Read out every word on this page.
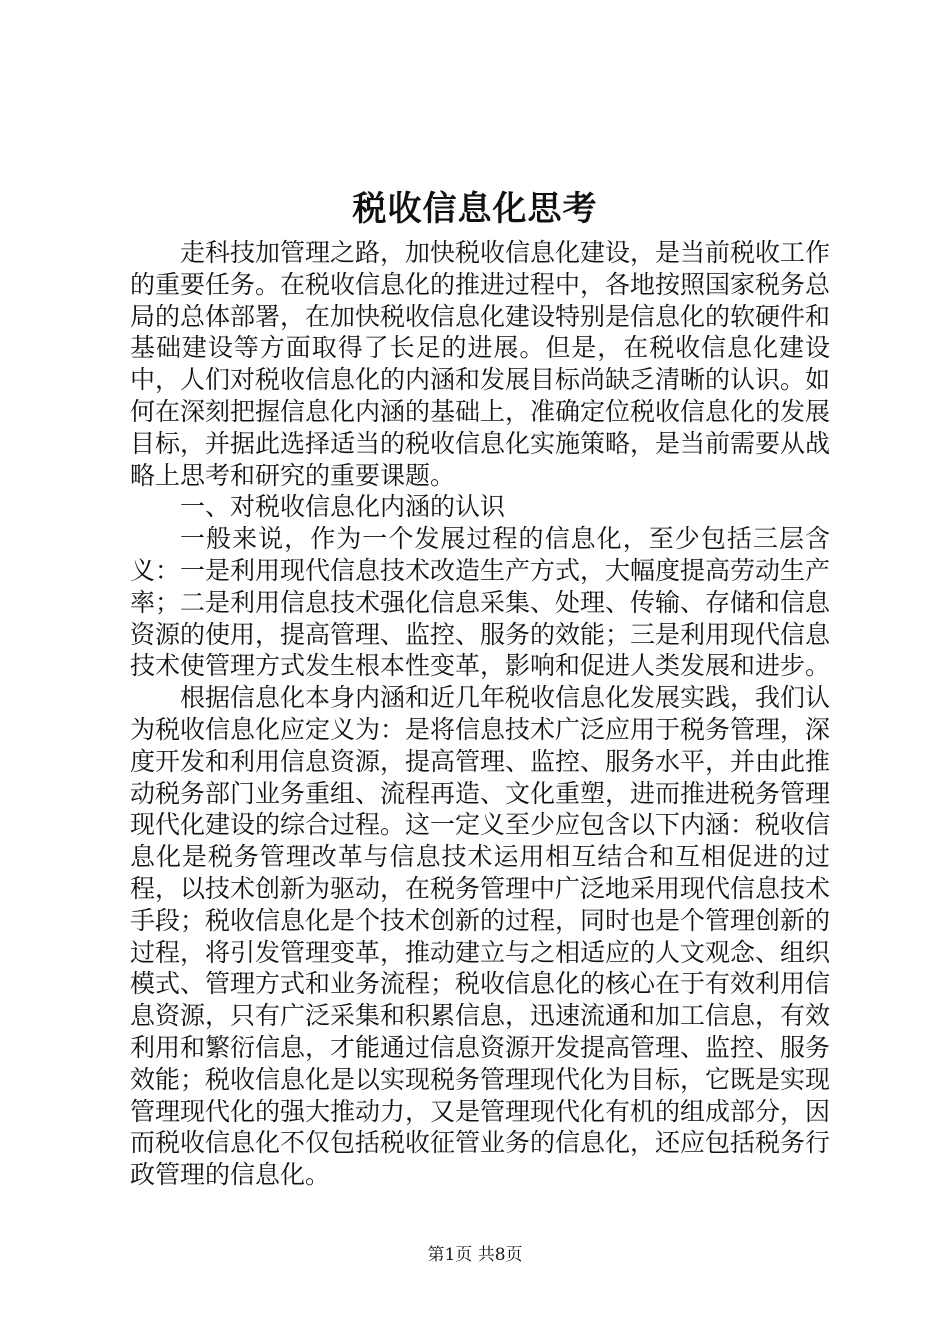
税收信息化思考

走科技加管理之路，加快税收信息化建设，是当前税收工作的重要任务。在税收信息化的推进过程中，各地按照国家税务总局的总体部署，在加快税收信息化建设特别是信息化的软硬件和基础建设等方面取得了长足的进展。但是，在税收信息化建设中，人们对税收信息化的内涵和发展目标尚缺乏清晰的认识。如何在深刻把握信息化内涵的基础上，准确定位税收信息化的发展目标，并据此选择适当的税收信息化实施策略，是当前需要从战略上思考和研究的重要课题。

一、对税收信息化内涵的认识

一般来说，作为一个发展过程的信息化，至少包括三层含义：一是利用现代信息技术改造生产方式，大幅度提高劳动生产率；二是利用信息技术强化信息采集、处理、传输、存储和信息资源的使用，提高管理、监控、服务的效能；三是利用现代信息技术使管理方式发生根本性变革，影响和促进人类发展和进步。

根据信息化本身内涵和近几年税收信息化发展实践，我们认为税收信息化应定义为：是将信息技术广泛应用于税务管理，深度开发和利用信息资源，提高管理、监控、服务水平，并由此推动税务部门业务重组、流程再造、文化重塑，进而推进税务管理现代化建设的综合过程。这一定义至少应包含以下内涵：税收信息化是税务管理改革与信息技术运用相互结合和互相促进的过程，以技术创新为驱动，在税务管理中广泛地采用现代信息技术手段；税收信息化是个技术创新的过程，同时也是个管理创新的过程，将引发管理变革，推动建立与之相适应的人文观念、组织模式、管理方式和业务流程；税收信息化的核心在于有效利用信息资源，只有广泛采集和积累信息，迅速流通和加工信息，有效利用和繁衍信息，才能通过信息资源开发提高管理、监控、服务效能；税收信息化是以实现税务管理现代化为目标，它既是实现管理现代化的强大推动力，又是管理现代化有机的组成部分，因而税收信息化不仅包括税收征管业务的信息化，还应包括税务行政管理的信息化。

第1页 共8页
